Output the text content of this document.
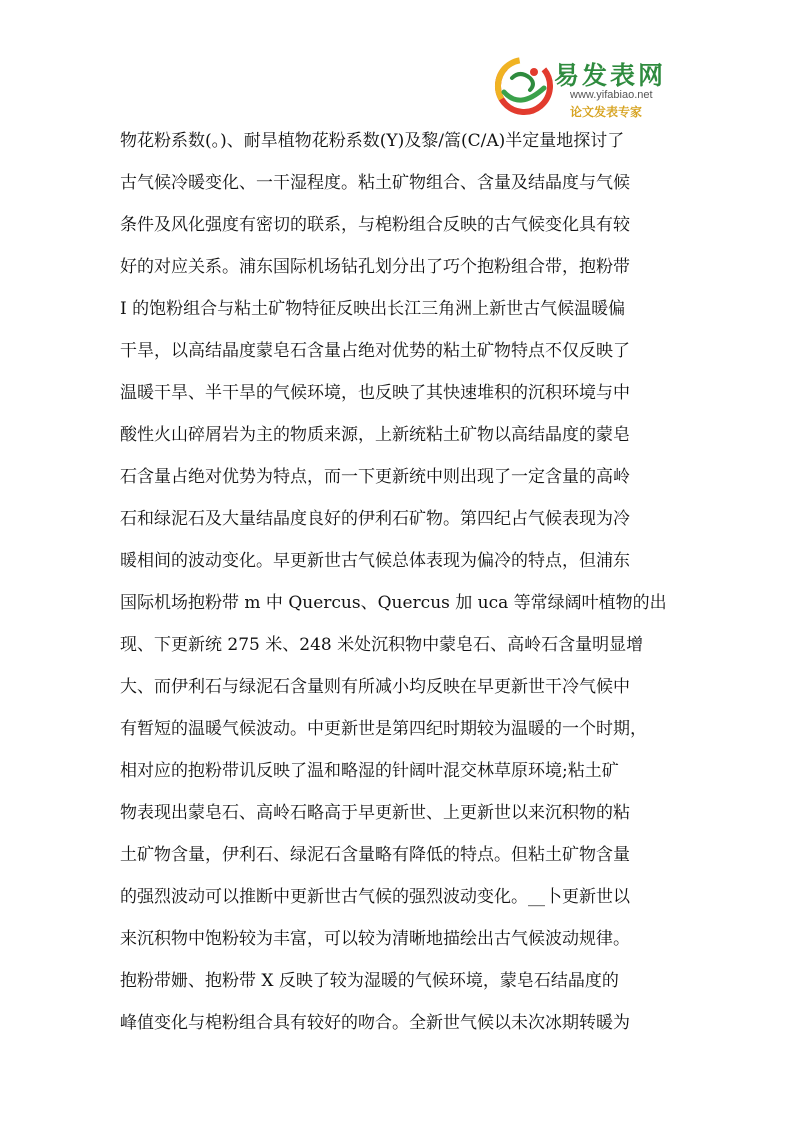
易发表网
www.yifabiao.net
论文发表专家
物花粉系数(。)、耐旱植物花粉系数(Y)及黎/篙(C/A)半定量地探讨了
古气候冷暖变化、一干湿程度。粘土矿物组合、含量及结晶度与气候
条件及风化强度有密切的联系，与梍粉组合反映的古气候变化具有较
好的对应关系。浦东国际机场钻孔划分出了巧个抱粉组合带，抱粉带
I 的饱粉组合与粘土矿物特征反映出长江三角洲上新世古气候温暖偏
干旱，以高结晶度蒙皂石含量占绝对优势的粘土矿物特点不仅反映了
温暖干旱、半干旱的气候环境，也反映了其快速堆积的沉积环境与中
酸性火山碎屑岩为主的物质来源，上新统粘土矿物以高结晶度的蒙皂
石含量占绝对优势为特点，而一下更新统中则出现了一定含量的高岭
石和绿泥石及大量结晶度良好的伊利石矿物。第四纪占气候表现为冷
暖相间的波动变化。早更新世古气候总体表现为偏冷的特点，但浦东
国际机场抱粉带 m 中 Quercus、Quercus 加 uca 等常绿阔叶植物的出
现、下更新统 275 米、248 米处沉积物中蒙皂石、高岭石含量明显增
大、而伊利石与绿泥石含量则有所减小均反映在早更新世干冷气候中
有暂短的温暖气候波动。中更新世是第四纪时期较为温暖的一个时期，
相对应的抱粉带讥反映了温和略湿的针阔叶混交林草原环境;粘土矿
物表现出蒙皂石、高岭石略高于早更新世、上更新世以来沉积物的粘
土矿物含量，伊利石、绿泥石含量略有降低的特点。但粘土矿物含量
的强烈波动可以推断中更新世古气候的强烈波动变化。__卜更新世以
来沉积物中饱粉较为丰富，可以较为清晰地描绘出古气候波动规律。
抱粉带姗、抱粉带 X 反映了较为湿暖的气候环境，蒙皂石结晶度的
峰值变化与梍粉组合具有较好的吻合。全新世气候以未次冰期转暖为
